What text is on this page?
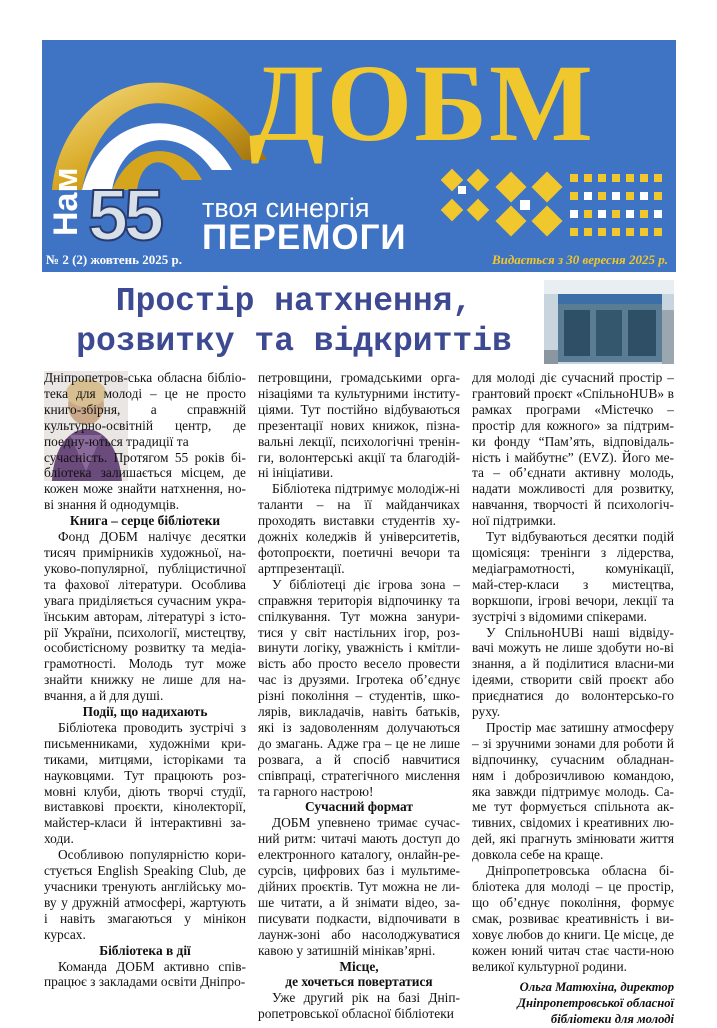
ДОБМ
Нам 55 твоя синергія
ПЕРЕМОГИ
№ 2 (2) жовтень 2025 р.	Видається з 30 вересня 2025 р.
Простір натхнення,
розвитку та відкриттів

Дніпропетров-ська обласна бібліо-тека для молоді – це не просто книго-збірня, а справжній культурно-освітній центр, де поедну-ються традиції та

сучасність. Протягом 55 років бі-бліотека залишається місцем, де кожен може знайти натхнення, но-ві знання й однодумців.

Книга – серце бібліотеки

Фонд ДОБМ налічує десятки тисяч примірників художньої, на-уково-популярної, публіцистичної та фахової літератури. Особлива увага приділяється сучасним укра-їнським авторам, літературі з істо-рії України, психології, мистецтву, особистісному розвитку та медіа-грамотності. Молодь тут може знайти книжку не лише для на-вчання, а й для душі.

Події, що надихають

Бібліотека проводить зустрічі з письменниками, художніми кри-тиками, митцями, історіками та науковцями. Тут працюють роз-мовні клуби, діють творчі студії, виставкові проєкти, кінолекторії, майстер-класи й інтерактивні за-ходи.

Особливою популярністю кори-стується English Speaking Club, де учасники тренують англійську мо-ву у дружній атмосфері, жартують і навіть змагаються у мінікон курсах.

Бібліотека в дії

Команда ДОБМ активно спів-працює з закладами освіти Дніпро-

петровщини, громадськими орга-нізаціями та культурними інститу-ціями. Тут постійно відбуваються презентації нових книжок, пізна-вальні лекції, психологічні тренін-ги, волонтерські акції та благодій-ні ініціативи.

Бібліотека підтримує молодіж-ні таланти – на її майданчиках проходять виставки студентів ху-дожніх коледжів й університетів, фотопроєкти, поетичні вечори та артпрезентації.

У бібліотеці діє ігрова зона – справжня територія відпочинку та спілкування. Тут можна занури-тися у світ настільних ігор, роз-винути логіку, уважність і кмітли-вість або просто весело провести час із друзями. Ігротека об’єднує різні покоління – студентів, шко-лярів, викладачів, навіть батьків, які із задоволенням долучаються до змагань. Адже гра – це не лише розвага, а й спосіб навчитися співпраці, стратегічного мислення та гарного настрою!

Сучасний формат

ДОБМ упевнено тримає сучас-ний ритм: читачі мають доступ до електронного каталогу, онлайн-ре-сурсів, цифрових баз і мультиме-дійних проєктів. Тут можна не ли-ше читати, а й знімати відео, за-писувати подкасти, відпочивати в лаунж-зоні або насолоджуватися кавою у затишній мінікав’ярні.

Місце,
де хочеться повертатися

Уже другий рік на базі Дніп-ропетровської обласної бібліотеки

для молоді діє сучасний простір – грантовий проєкт «СпільноHUB» в рамках програми «Містечко – простір для кожного» за підтрим-ки фонду “Пам’ять, відповідаль-ність і майбутнє” (EVZ). Його ме-та – об’єднати активну молодь, надати можливості для розвитку, навчання, творчості й психологіч-ної підтримки.

Тут відбуваються десятки подій щомісяця: тренінги з лідерства, медіаграмотності, комунікації, май-стер-класи з мистецтва, воркшопи, ігрові вечори, лекції та зустрічі з відомими спікерами.

У СпільноHUBі наші відвіду-вачі можуть не лише здобути но-ві знання, а й поділитися власни-ми ідеями, створити свій проєкт або приєднатися до волонтерсько-го руху.

Простір має затишну атмосферу – зі зручними зонами для роботи й відпочинку, сучасним обладнан-ням і доброзичливою командою, яка завжди підтримує молодь. Са-ме тут формується спільнота ак-тивних, свідомих і креативних лю-дей, які прагнуть змінювати життя довкола себе на краще.

Дніпропетровська обласна бі-бліотека для молоді – це простір, що об’єднує покоління, формує смак, розвиває креативність і ви-ховує любов до книги. Це місце, де кожен юний читач стає части-ною великої культурної родини.

Ольга Матюхіна, директор

Дніпропетровської обласної

бібліотеки для молоді
